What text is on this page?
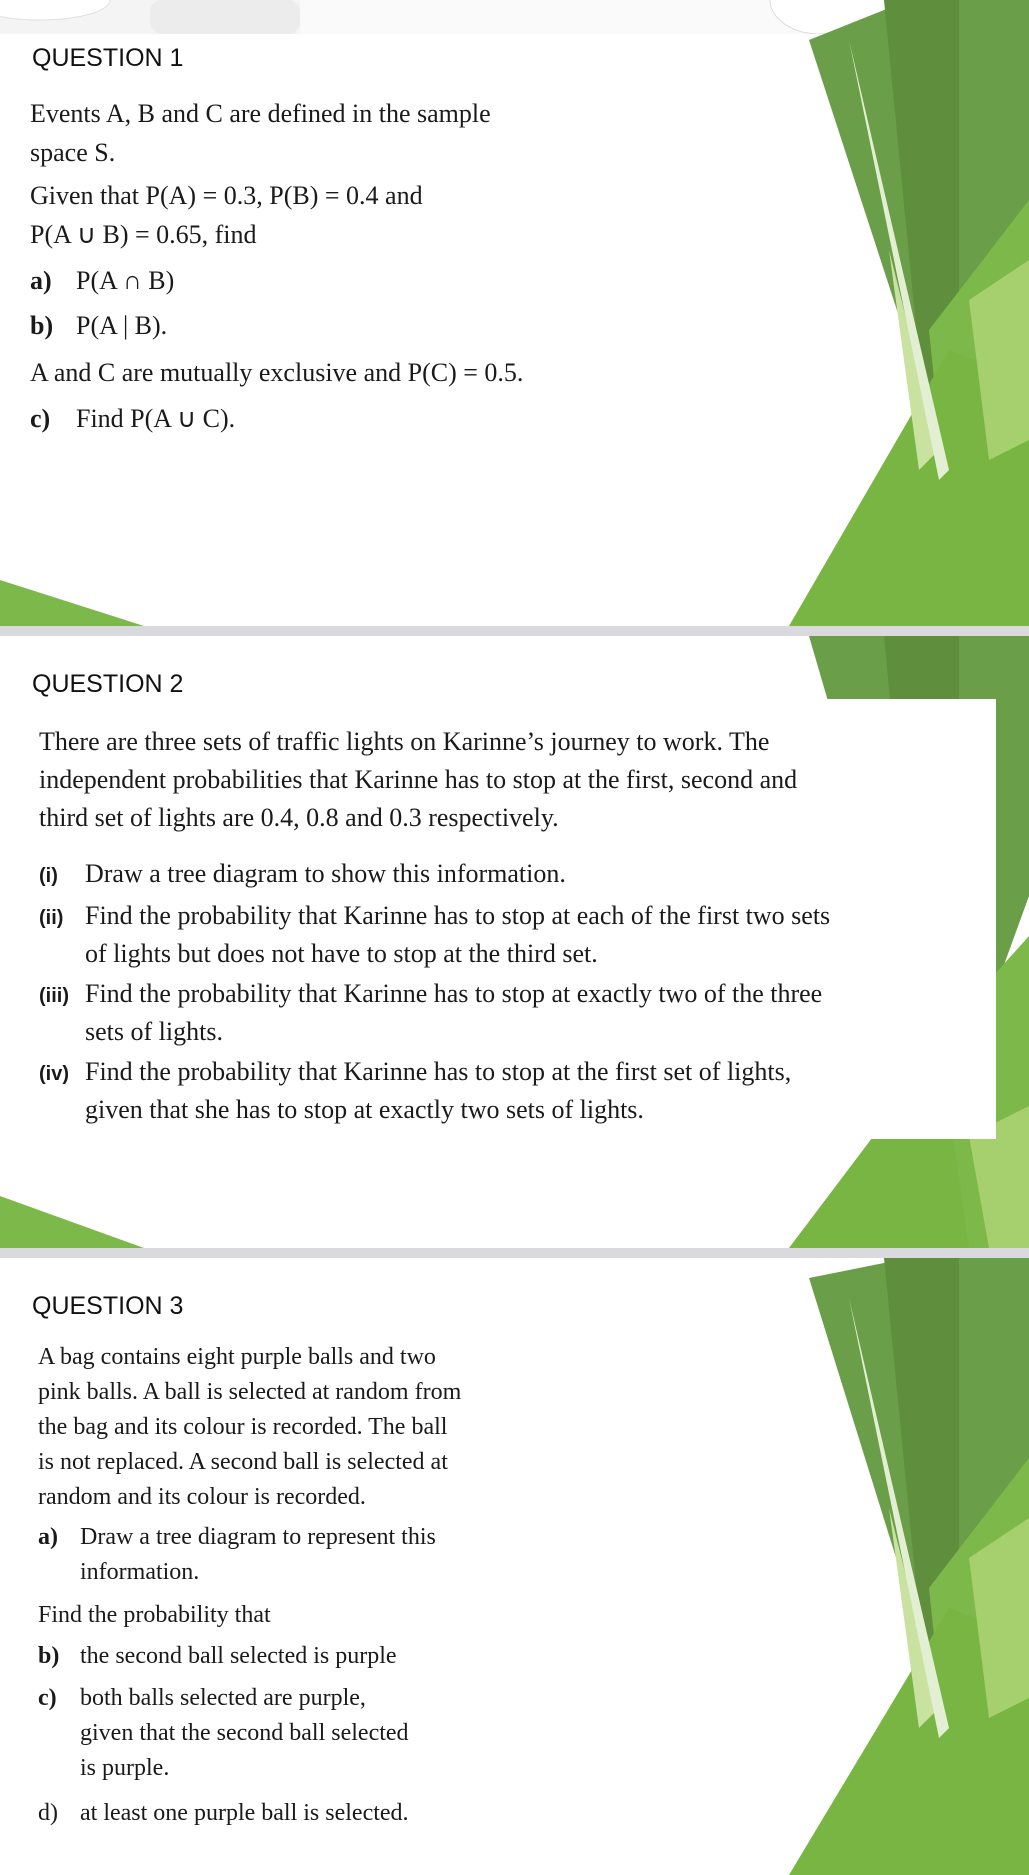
QUESTION 1
Events A, B and C are defined in the sample
space S.
Given that P(A) = 0.3, P(B) = 0.4 and
P(A ∪ B) = 0.65, find
a) P(A ∩ B)
b) P(A | B).
A and C are mutually exclusive and P(C) = 0.5.
c) Find P(A ∪ C).
QUESTION 2
There are three sets of traffic lights on Karinne’s journey to work. The
independent probabilities that Karinne has to stop at the first, second and
third set of lights are 0.4, 0.8 and 0.3 respectively.
(i) Draw a tree diagram to show this information.
(ii) Find the probability that Karinne has to stop at each of the first two sets
of lights but does not have to stop at the third set.
(iii) Find the probability that Karinne has to stop at exactly two of the three
sets of lights.
(iv) Find the probability that Karinne has to stop at the first set of lights,
given that she has to stop at exactly two sets of lights.
QUESTION 3
A bag contains eight purple balls and two
pink balls. A ball is selected at random from
the bag and its colour is recorded. The ball
is not replaced. A second ball is selected at
random and its colour is recorded.
a) Draw a tree diagram to represent this
information.
Find the probability that
b) the second ball selected is purple
c) both balls selected are purple,
given that the second ball selected
is purple.
d) at least one purple ball is selected.
